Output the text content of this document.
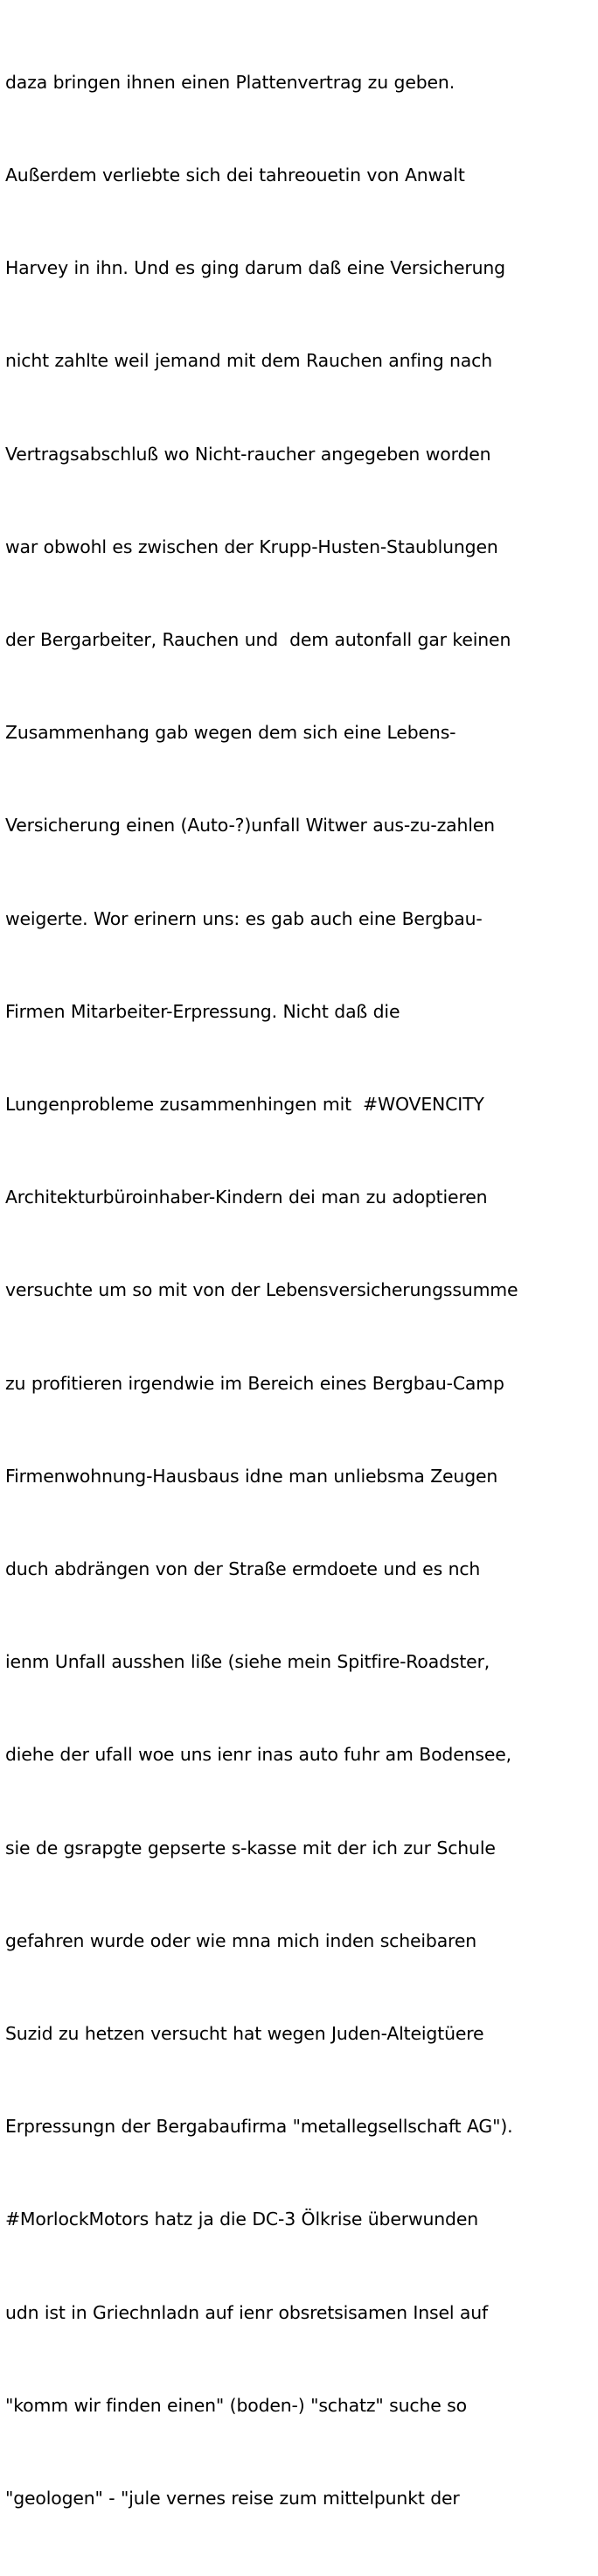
daza bringen ihnen einen Plattenvertrag zu geben.

Außerdem verliebte sich dei tahreouetin von Anwalt

Harvey in ihn. Und es ging darum daß eine Versicherung

nicht zahlte weil jemand mit dem Rauchen anfing nach

Vertragsabschluß wo Nicht-raucher angegeben worden

war obwohl es zwischen der Krupp-Husten-Staublungen

der Bergarbeiter, Rauchen und  dem autonfall gar keinen

Zusammenhang gab wegen dem sich eine Lebens-

Versicherung einen (Auto-?)unfall Witwer aus-zu-zahlen

weigerte. Wor erinern uns: es gab auch eine Bergbau-

Firmen Mitarbeiter-Erpressung. Nicht daß die

Lungenprobleme zusammenhingen mit  #WOVENCITY

Architekturbüroinhaber-Kindern dei man zu adoptieren

versuchte um so mit von der Lebensversicherungssumme

zu profitieren irgendwie im Bereich eines Bergbau-Camp

Firmenwohnung-Hausbaus idne man unliebsma Zeugen

duch abdrängen von der Straße ermdoete und es nch

ienm Unfall ausshen liße (siehe mein Spitfire-Roadster,

diehe der ufall woe uns ienr inas auto fuhr am Bodensee,

sie de gsrapgte gepserte s-kasse mit der ich zur Schule

gefahren wurde oder wie mna mich inden scheibaren

Suzid zu hetzen versucht hat wegen Juden-Alteigtüere

Erpressungn der Bergabaufirma "metallegsellschaft AG").

#MorlockMotors hatz ja die DC-3 Ölkrise überwunden

udn ist in Griechnladn auf ienr obsretsisamen Insel auf

"komm wir finden einen" (boden-) "schatz" suche so

"geologen" - "jule vernes reise zum mittelpunkt der
